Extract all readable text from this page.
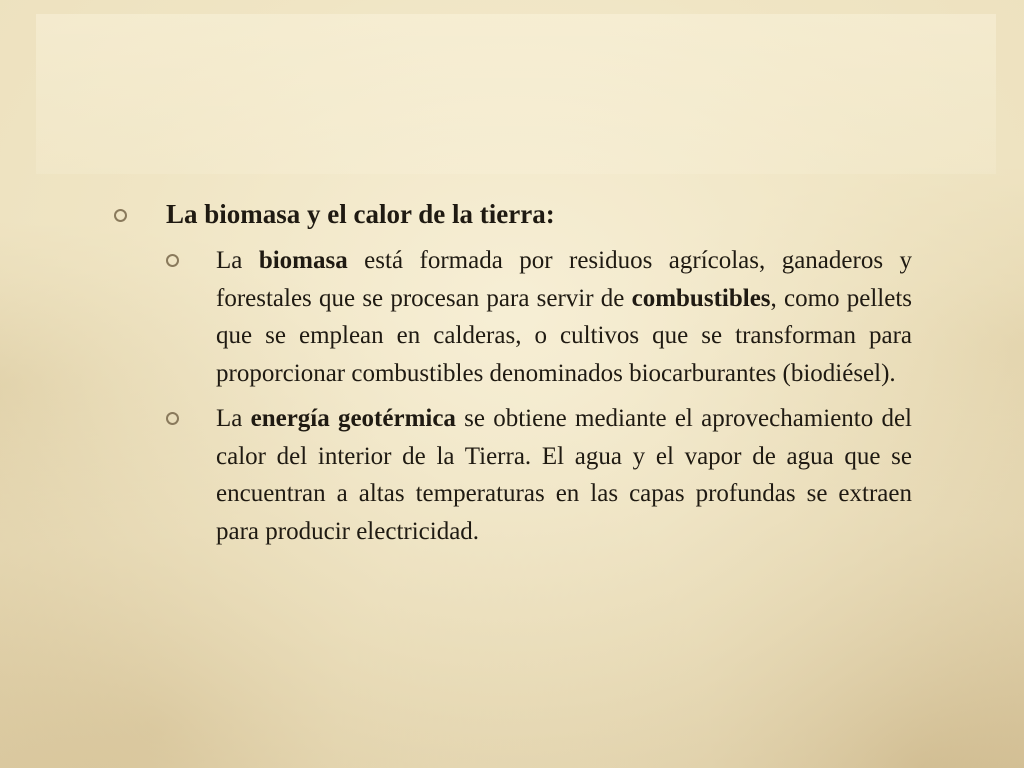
La biomasa y el calor de la tierra:
La biomasa está formada por residuos agrícolas, ganaderos y forestales que se procesan para servir de combustibles, como pellets que se emplean en calderas, o cultivos que se transforman para proporcionar combustibles denominados biocarburantes (biodiésel).
La energía geotérmica se obtiene mediante el aprovechamiento del calor del interior de la Tierra. El agua y el vapor de agua que se encuentran a altas temperaturas en las capas profundas se extraen para producir electricidad.
